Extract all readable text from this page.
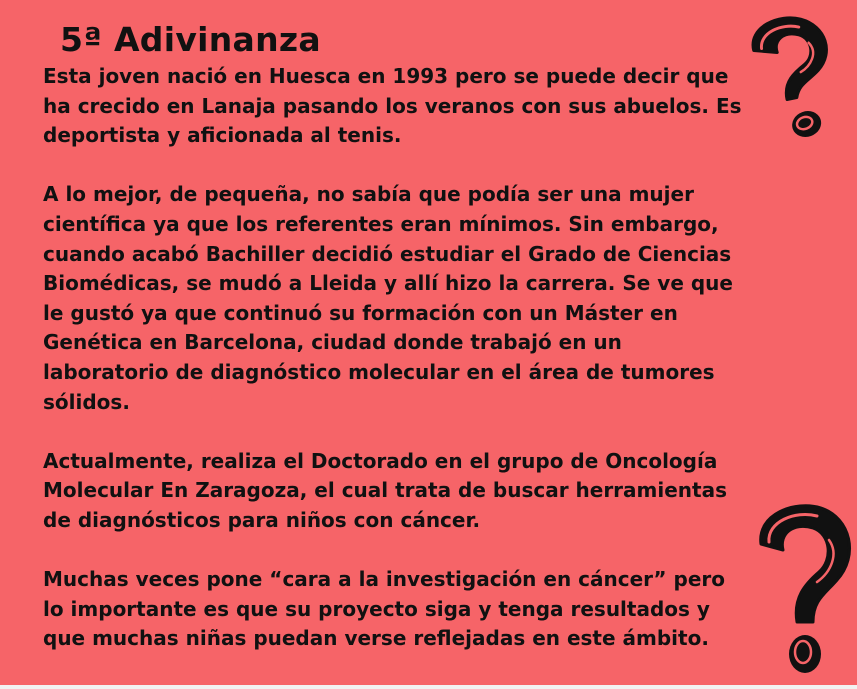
5ª Adivinanza

Esta joven nació en Huesca en 1993 pero se puede decir que
ha crecido en Lanaja pasando los veranos con sus abuelos. Es
deportista y aficionada al tenis.

A lo mejor, de pequeña, no sabía que podía ser una mujer
científica ya que los referentes eran mínimos. Sin embargo,
cuando acabó Bachiller decidió estudiar el Grado de Ciencias
Biomédicas, se mudó a Lleida y allí hizo la carrera. Se ve que
le gustó ya que continuó su formación con un Máster en
Genética en Barcelona, ciudad donde trabajó en un
laboratorio de diagnóstico molecular en el área de tumores
sólidos.

Actualmente, realiza el Doctorado en el grupo de Oncología
Molecular En Zaragoza, el cual trata de buscar herramientas
de diagnósticos para niños con cáncer.

Muchas veces pone “cara a la investigación en cáncer” pero
lo importante es que su proyecto siga y tenga resultados y
que muchas niñas puedan verse reflejadas en este ámbito.
